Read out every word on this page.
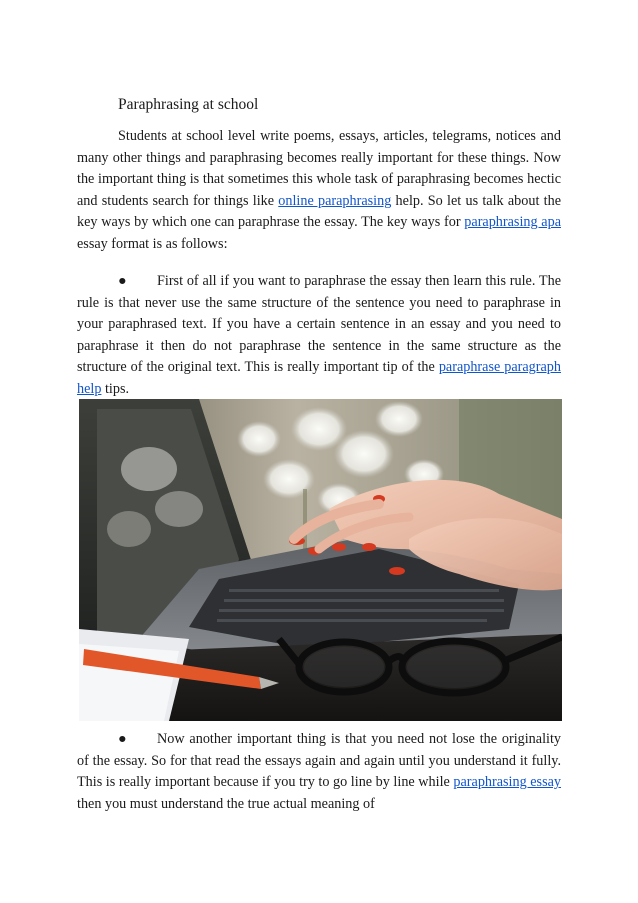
Paraphrasing at school

Students at school level write poems, essays, articles, telegrams, notices and many other things and paraphrasing becomes really important for these things. Now the important thing is that sometimes this whole task of paraphrasing becomes hectic and students search for things like online paraphrasing help. So let us talk about the key ways by which one can paraphrase the essay. The key ways for paraphrasing apa essay format is as follows:

● First of all if you want to paraphrase the essay then learn this rule. The rule is that never use the same structure of the sentence you need to paraphrase in your paraphrased text. If you have a certain sentence in an essay and you need to paraphrase it then do not paraphrase the sentence in the same structure as the structure of the original text. This is really important tip of the paraphrase paragraph help tips.

● Now another important thing is that you need not lose the originality of the essay. So for that read the essays again and again until you understand it fully. This is really important because if you try to go line by line while paraphrasing essay then you must understand the true actual meaning of
